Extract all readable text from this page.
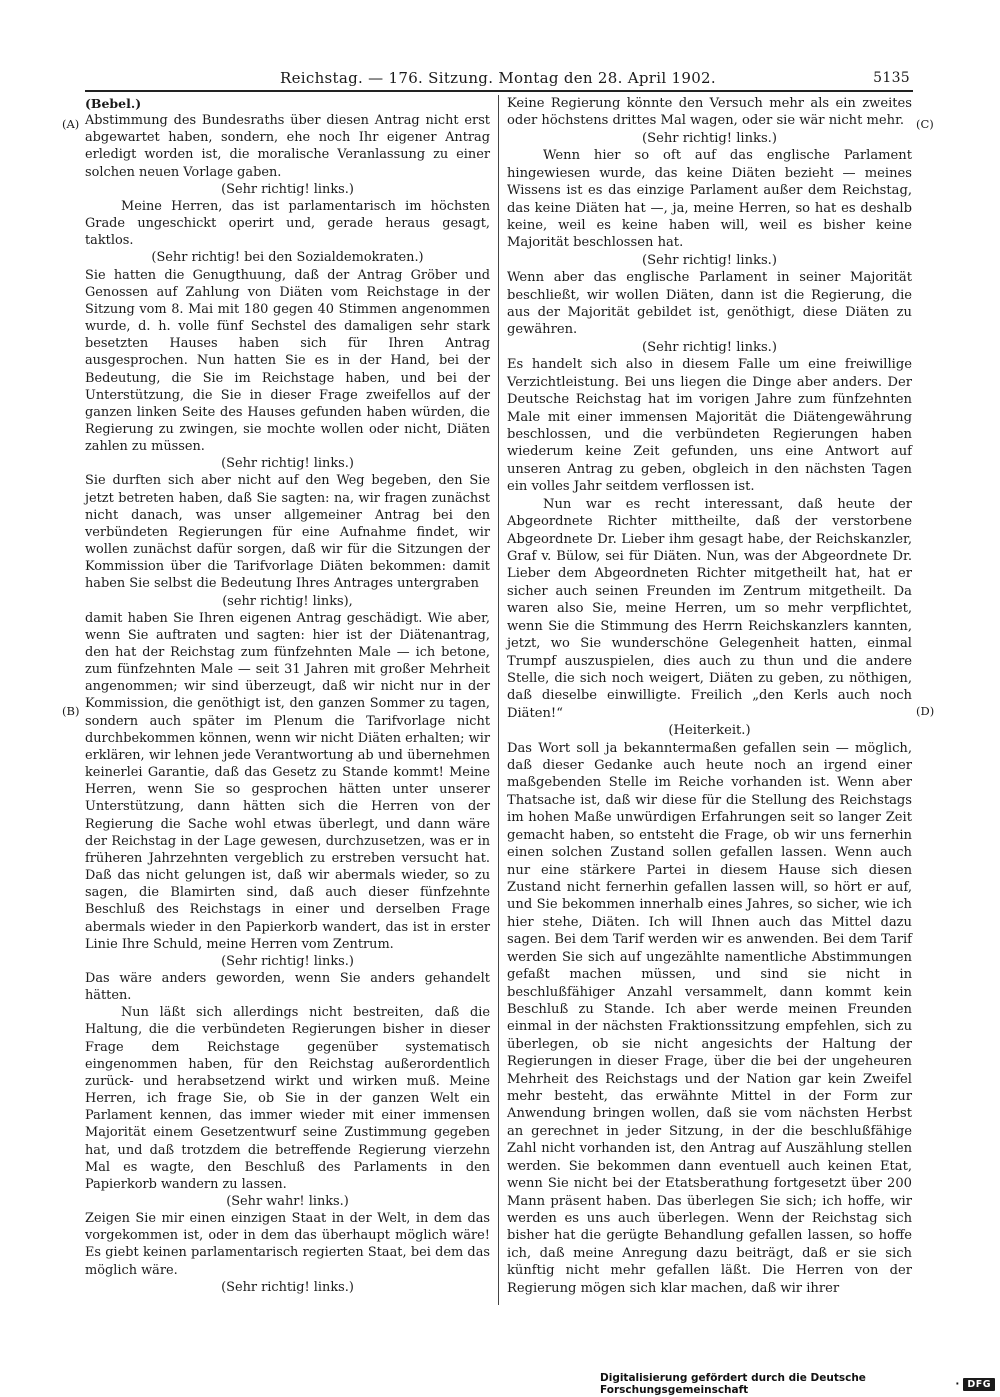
Reichstag. — 176. Sitzung. Montag den 28. April 1902.	5135
(A)
(B)
(C)
(D)

(Bebel.)

Abstimmung des Bundesraths über diesen Antrag nicht erst abgewartet haben, sondern, ehe noch Ihr eigener Antrag erledigt worden ist, die moralische Veranlassung zu einer solchen neuen Vorlage gaben.

(Sehr richtig! links.)

Meine Herren, das ist parlamentarisch im höchsten Grade ungeschickt operirt und, gerade heraus gesagt, taktlos.

(Sehr richtig! bei den Sozialdemokraten.)

Sie hatten die Genugthuung, daß der Antrag Gröber und Genossen auf Zahlung von Diäten vom Reichstage in der Sitzung vom 8. Mai mit 180 gegen 40 Stimmen angenommen wurde, d. h. volle fünf Sechstel des damaligen sehr stark besetzten Hauses haben sich für Ihren Antrag ausgesprochen. Nun hatten Sie es in der Hand, bei der Bedeutung, die Sie im Reichstage haben, und bei der Unterstützung, die Sie in dieser Frage zweifellos auf der ganzen linken Seite des Hauses gefunden haben würden, die Regierung zu zwingen, sie mochte wollen oder nicht, Diäten zahlen zu müssen.

(Sehr richtig! links.)

Sie durften sich aber nicht auf den Weg begeben, den Sie jetzt betreten haben, daß Sie sagten: na, wir fragen zunächst nicht danach, was unser allgemeiner Antrag bei den verbündeten Regierungen für eine Aufnahme findet, wir wollen zunächst dafür sorgen, daß wir für die Sitzungen der Kommission über die Tarifvorlage Diäten bekommen: damit haben Sie selbst die Bedeutung Ihres Antrages untergraben

(sehr richtig! links),

damit haben Sie Ihren eigenen Antrag geschädigt. Wie aber, wenn Sie auftraten und sagten: hier ist der Diätenantrag, den hat der Reichstag zum fünfzehnten Male — ich betone, zum fünfzehnten Male — seit 31 Jahren mit großer Mehrheit angenommen; wir sind überzeugt, daß wir nicht nur in der Kommission, die genöthigt ist, den ganzen Sommer zu tagen, sondern auch später im Plenum die Tarifvorlage nicht durchbekommen können, wenn wir nicht Diäten erhalten; wir erklären, wir lehnen jede Verantwortung ab und übernehmen keinerlei Garantie, daß das Gesetz zu Stande kommt! Meine Herren, wenn Sie so gesprochen hätten unter unserer Unterstützung, dann hätten sich die Herren von der Regierung die Sache wohl etwas überlegt, und dann wäre der Reichstag in der Lage gewesen, durchzusetzen, was er in früheren Jahrzehnten vergeblich zu erstreben versucht hat. Daß das nicht gelungen ist, daß wir abermals wieder, so zu sagen, die Blamirten sind, daß auch dieser fünfzehnte Beschluß des Reichstags in einer und derselben Frage abermals wieder in den Papierkorb wandert, das ist in erster Linie Ihre Schuld, meine Herren vom Zentrum.

(Sehr richtig! links.)

Das wäre anders geworden, wenn Sie anders gehandelt hätten.

Nun läßt sich allerdings nicht bestreiten, daß die Haltung, die die verbündeten Regierungen bisher in dieser Frage dem Reichstage gegenüber systematisch eingenommen haben, für den Reichstag außerordentlich zurück- und herabsetzend wirkt und wirken muß. Meine Herren, ich frage Sie, ob Sie in der ganzen Welt ein Parlament kennen, das immer wieder mit einer immensen Majorität einem Gesetzentwurf seine Zustimmung gegeben hat, und daß trotzdem die betreffende Regierung vierzehn Mal es wagte, den Beschluß des Parlaments in den Papierkorb wandern zu lassen.

(Sehr wahr! links.)

Zeigen Sie mir einen einzigen Staat in der Welt, in dem das vorgekommen ist, oder in dem das überhaupt möglich wäre! Es giebt keinen parlamentarisch regierten Staat, bei dem das möglich wäre.

(Sehr richtig! links.)

Keine Regierung könnte den Versuch mehr als ein zweites oder höchstens drittes Mal wagen, oder sie wär nicht mehr.

(Sehr richtig! links.)

Wenn hier so oft auf das englische Parlament hingewiesen wurde, das keine Diäten bezieht — meines Wissens ist es das einzige Parlament außer dem Reichstag, das keine Diäten hat —, ja, meine Herren, so hat es deshalb keine, weil es keine haben will, weil es bisher keine Majorität beschlossen hat.

(Sehr richtig! links.)

Wenn aber das englische Parlament in seiner Majorität beschließt, wir wollen Diäten, dann ist die Regierung, die aus der Majorität gebildet ist, genöthigt, diese Diäten zu gewähren.

(Sehr richtig! links.)

Es handelt sich also in diesem Falle um eine freiwillige Verzichtleistung. Bei uns liegen die Dinge aber anders. Der Deutsche Reichstag hat im vorigen Jahre zum fünfzehnten Male mit einer immensen Majorität die Diätengewährung beschlossen, und die verbündeten Regierungen haben wiederum keine Zeit gefunden, uns eine Antwort auf unseren Antrag zu geben, obgleich in den nächsten Tagen ein volles Jahr seitdem verflossen ist.

Nun war es recht interessant, daß heute der Abgeordnete Richter mittheilte, daß der verstorbene Abgeordnete Dr. Lieber ihm gesagt habe, der Reichskanzler, Graf v. Bülow, sei für Diäten. Nun, was der Abgeordnete Dr. Lieber dem Abgeordneten Richter mitgetheilt hat, hat er sicher auch seinen Freunden im Zentrum mitgetheilt. Da waren also Sie, meine Herren, um so mehr verpflichtet, wenn Sie die Stimmung des Herrn Reichskanzlers kannten, jetzt, wo Sie wunderschöne Gelegenheit hatten, einmal Trumpf auszuspielen, dies auch zu thun und die andere Stelle, die sich noch weigert, Diäten zu geben, zu nöthigen, daß dieselbe einwilligte. Freilich „den Kerls auch noch Diäten!“

(Heiterkeit.)

Das Wort soll ja bekanntermaßen gefallen sein — möglich, daß dieser Gedanke auch heute noch an irgend einer maßgebenden Stelle im Reiche vorhanden ist. Wenn aber Thatsache ist, daß wir diese für die Stellung des Reichstags im hohen Maße unwürdigen Erfahrungen seit so langer Zeit gemacht haben, so entsteht die Frage, ob wir uns fernerhin einen solchen Zustand sollen gefallen lassen. Wenn auch nur eine stärkere Partei in diesem Hause sich diesen Zustand nicht fernerhin gefallen lassen will, so hört er auf, und Sie bekommen innerhalb eines Jahres, so sicher, wie ich hier stehe, Diäten. Ich will Ihnen auch das Mittel dazu sagen. Bei dem Tarif werden wir es anwenden. Bei dem Tarif werden Sie sich auf ungezählte namentliche Abstimmungen gefaßt machen müssen, und sind sie nicht in beschlußfähiger Anzahl versammelt, dann kommt kein Beschluß zu Stande. Ich aber werde meinen Freunden einmal in der nächsten Fraktionssitzung empfehlen, sich zu überlegen, ob sie nicht angesichts der Haltung der Regierungen in dieser Frage, über die bei der ungeheuren Mehrheit des Reichstags und der Nation gar kein Zweifel mehr besteht, das erwähnte Mittel in der Form zur Anwendung bringen wollen, daß sie vom nächsten Herbst an gerechnet in jeder Sitzung, in der die beschlußfähige Zahl nicht vorhanden ist, den Antrag auf Auszählung stellen werden. Sie bekommen dann eventuell auch keinen Etat, wenn Sie nicht bei der Etatsberathung fortgesetzt über 200 Mann präsent haben. Das überlegen Sie sich; ich hoffe, wir werden es uns auch überlegen. Wenn der Reichstag sich bisher hat die gerügte Behandlung gefallen lassen, so hoffe ich, daß meine Anregung dazu beiträgt, daß er sie sich künftig nicht mehr gefallen läßt. Die Herren von der Regierung mögen sich klar machen, daß wir ihrer

Digitalisierung gefördert durch die Deutsche Forschungsgemeinschaft	· DFG
